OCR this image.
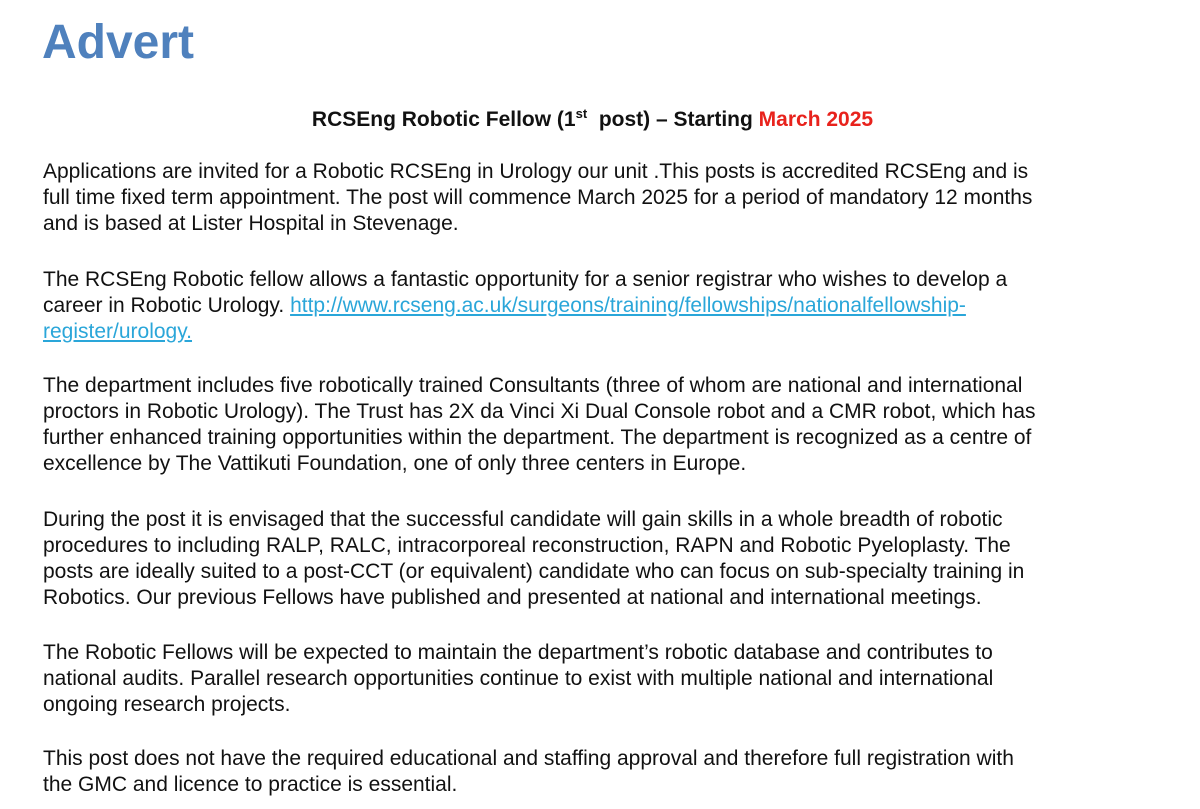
Advert
RCSEng Robotic Fellow (1st  post) – Starting March 2025

Applications are invited for a Robotic RCSEng in Urology our unit .This posts is accredited RCSEng and is
full time fixed term appointment. The post will commence March 2025 for a period of mandatory 12 months
and is based at Lister Hospital in Stevenage.

The RCSEng Robotic fellow allows a fantastic opportunity for a senior registrar who wishes to develop a
career in Robotic Urology. http://www.rcseng.ac.uk/surgeons/training/fellowships/nationalfellowship-
register/urology.

The department includes five robotically trained Consultants (three of whom are national and international
proctors in Robotic Urology). The Trust has 2X da Vinci Xi Dual Console robot and a CMR robot, which has
further enhanced training opportunities within the department. The department is recognized as a centre of
excellence by The Vattikuti Foundation, one of only three centers in Europe.

During the post it is envisaged that the successful candidate will gain skills in a whole breadth of robotic
procedures to including RALP, RALC, intracorporeal reconstruction, RAPN and Robotic Pyeloplasty. The
posts are ideally suited to a post-CCT (or equivalent) candidate who can focus on sub-specialty training in
Robotics. Our previous Fellows have published and presented at national and international meetings.

The Robotic Fellows will be expected to maintain the department’s robotic database and contributes to
national audits. Parallel research opportunities continue to exist with multiple national and international
ongoing research projects.

This post does not have the required educational and staffing approval and therefore full registration with
the GMC and licence to practice is essential.
